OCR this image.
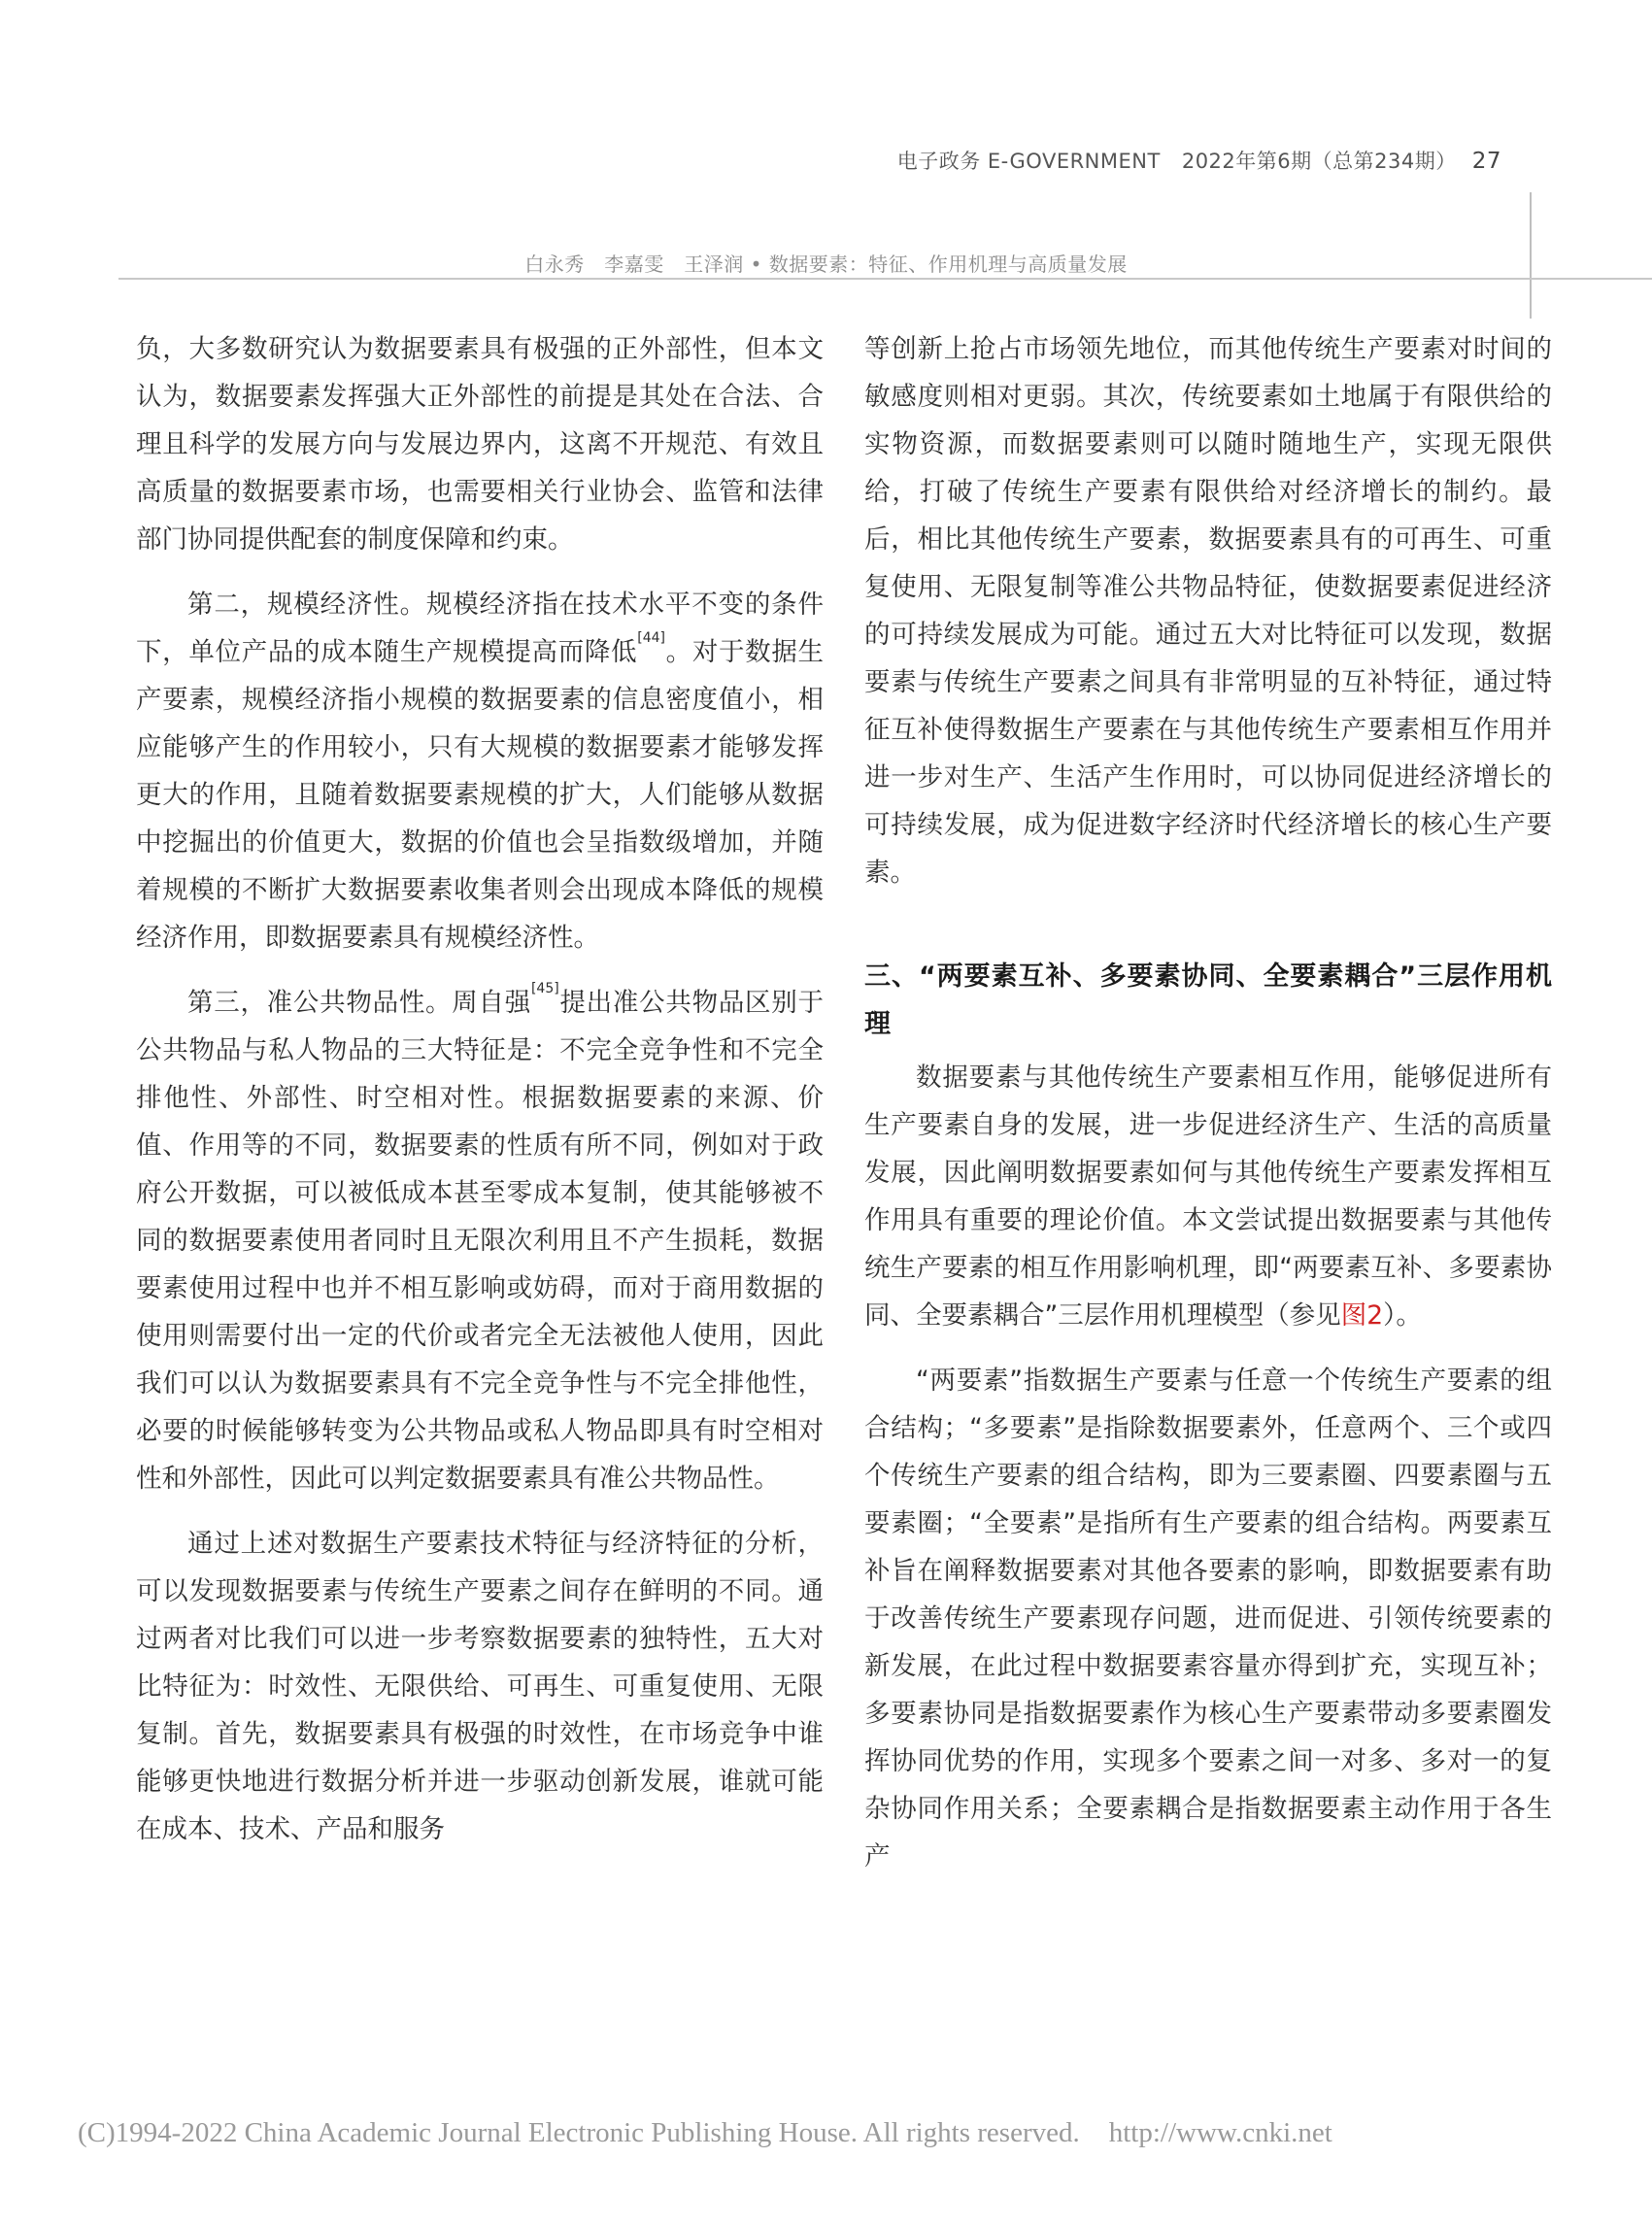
电子政务 E-GOVERNMENT 2022年第6期（总第234期） 27
白永秀　李嘉雯　王泽润 • 数据要素：特征、作用机理与高质量发展

负，大多数研究认为数据要素具有极强的正外部性，但本文认为，数据要素发挥强大正外部性的前提是其处在合法、合理且科学的发展方向与发展边界内，这离不开规范、有效且高质量的数据要素市场，也需要相关行业协会、监管和法律部门协同提供配套的制度保障和约束。

第二，规模经济性。规模经济指在技术水平不变的条件下，单位产品的成本随生产规模提高而降低[44]。对于数据生产要素，规模经济指小规模的数据要素的信息密度值小，相应能够产生的作用较小，只有大规模的数据要素才能够发挥更大的作用，且随着数据要素规模的扩大，人们能够从数据中挖掘出的价值更大，数据的价值也会呈指数级增加，并随着规模的不断扩大数据要素收集者则会出现成本降低的规模经济作用，即数据要素具有规模经济性。

第三，准公共物品性。周自强[45]提出准公共物品区别于公共物品与私人物品的三大特征是：不完全竞争性和不完全排他性、外部性、时空相对性。根据数据要素的来源、价值、作用等的不同，数据要素的性质有所不同，例如对于政府公开数据，可以被低成本甚至零成本复制，使其能够被不同的数据要素使用者同时且无限次利用且不产生损耗，数据要素使用过程中也并不相互影响或妨碍，而对于商用数据的使用则需要付出一定的代价或者完全无法被他人使用，因此我们可以认为数据要素具有不完全竞争性与不完全排他性，必要的时候能够转变为公共物品或私人物品即具有时空相对性和外部性，因此可以判定数据要素具有准公共物品性。

通过上述对数据生产要素技术特征与经济特征的分析，可以发现数据要素与传统生产要素之间存在鲜明的不同。通过两者对比我们可以进一步考察数据要素的独特性，五大对比特征为：时效性、无限供给、可再生、可重复使用、无限复制。首先，数据要素具有极强的时效性，在市场竞争中谁能够更快地进行数据分析并进一步驱动创新发展，谁就可能在成本、技术、产品和服务

等创新上抢占市场领先地位，而其他传统生产要素对时间的敏感度则相对更弱。其次，传统要素如土地属于有限供给的实物资源，而数据要素则可以随时随地生产，实现无限供给，打破了传统生产要素有限供给对经济增长的制约。最后，相比其他传统生产要素，数据要素具有的可再生、可重复使用、无限复制等准公共物品特征，使数据要素促进经济的可持续发展成为可能。通过五大对比特征可以发现，数据要素与传统生产要素之间具有非常明显的互补特征，通过特征互补使得数据生产要素在与其他传统生产要素相互作用并进一步对生产、生活产生作用时，可以协同促进经济增长的可持续发展，成为促进数字经济时代经济增长的核心生产要素。

三、“两要素互补、多要素协同、全要素耦合”三层作用机理

数据要素与其他传统生产要素相互作用，能够促进所有生产要素自身的发展，进一步促进经济生产、生活的高质量发展，因此阐明数据要素如何与其他传统生产要素发挥相互作用具有重要的理论价值。本文尝试提出数据要素与其他传统生产要素的相互作用影响机理，即“两要素互补、多要素协同、全要素耦合”三层作用机理模型（参见图2）。

“两要素”指数据生产要素与任意一个传统生产要素的组合结构；“多要素”是指除数据要素外，任意两个、三个或四个传统生产要素的组合结构，即为三要素圈、四要素圈与五要素圈；“全要素”是指所有生产要素的组合结构。两要素互补旨在阐释数据要素对其他各要素的影响，即数据要素有助于改善传统生产要素现存问题，进而促进、引领传统要素的新发展，在此过程中数据要素容量亦得到扩充，实现互补；多要素协同是指数据要素作为核心生产要素带动多要素圈发挥协同优势的作用，实现多个要素之间一对多、多对一的复杂协同作用关系；全要素耦合是指数据要素主动作用于各生产

(C)1994-2022 China Academic Journal Electronic Publishing House. All rights reserved. http://www.cnki.net
